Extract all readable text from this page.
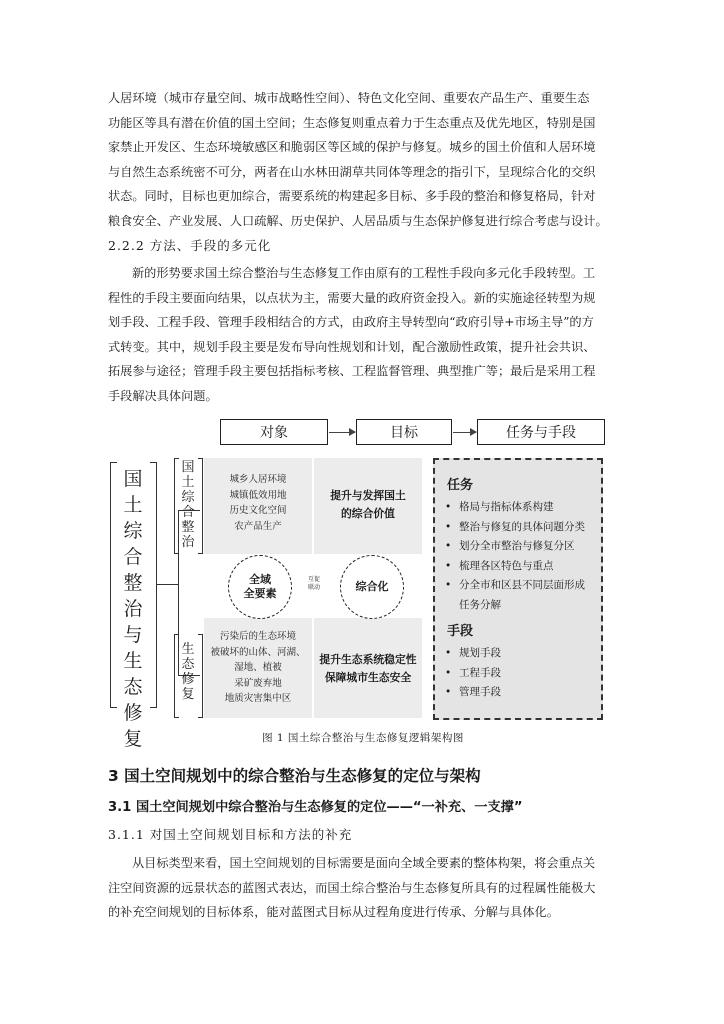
人居环境（城市存量空间、城市战略性空间）、特色文化空间、重要农产品生产、重要生态
功能区等具有潜在价值的国土空间；生态修复则重点着力于生态重点及优先地区，特别是国
家禁止开发区、生态环境敏感区和脆弱区等区域的保护与修复。城乡的国土价值和人居环境
与自然生态系统密不可分，两者在山水林田湖草共同体等理念的指引下，呈现综合化的交织
状态。同时，目标也更加综合，需要系统的构建起多目标、多手段的整治和修复格局，针对
粮食安全、产业发展、人口疏解、历史保护、人居品质与生态保护修复进行综合考虑与设计。
2.2.2 方法、手段的多元化
新的形势要求国土综合整治与生态修复工作由原有的工程性手段向多元化手段转型。工
程性的手段主要面向结果，以点状为主，需要大量的政府资金投入。新的实施途径转型为规
划手段、工程手段、管理手段相结合的方式，由政府主导转型向“政府引导+市场主导”的方
式转变。其中，规划手段主要是发布导向性规划和计划，配合激励性政策，提升社会共识、
拓展参与途径；管理手段主要包括指标考核、工程监督管理、典型推广等；最后是采用工程
手段解决具体问题。
对象	目标	任务与手段
国
土
综
合
整
治
与
生
态
修
复
国
土
综
合
整
治
生
态
修
复
城乡人居环境
城镇低效用地
历史文化空间
农产品生产
提升与发挥国土
的综合价值
全域
全要素
互促
联动	综合化
污染后的生态环境
被破坏的山体、河湖、
湿地、植被
采矿废弃地
地质灾害集中区
提升生态系统稳定性
保障城市生态安全
任务
• 格局与指标体系构建
• 整治与修复的具体问题分类
• 划分全市整治与修复分区
• 梳理各区特色与重点
• 分全市和区县不同层面形成
任务分解
手段
• 规划手段
• 工程手段
• 管理手段
图 1 国土综合整治与生态修复逻辑架构图
3 国土空间规划中的综合整治与生态修复的定位与架构
3.1 国土空间规划中综合整治与生态修复的定位——“一补充、一支撑”
3.1.1 对国土空间规划目标和方法的补充
从目标类型来看，国土空间规划的目标需要是面向全域全要素的整体构架，将会重点关
注空间资源的远景状态的蓝图式表达，而国土综合整治与生态修复所具有的过程属性能极大
的补充空间规划的目标体系，能对蓝图式目标从过程角度进行传承、分解与具体化。
